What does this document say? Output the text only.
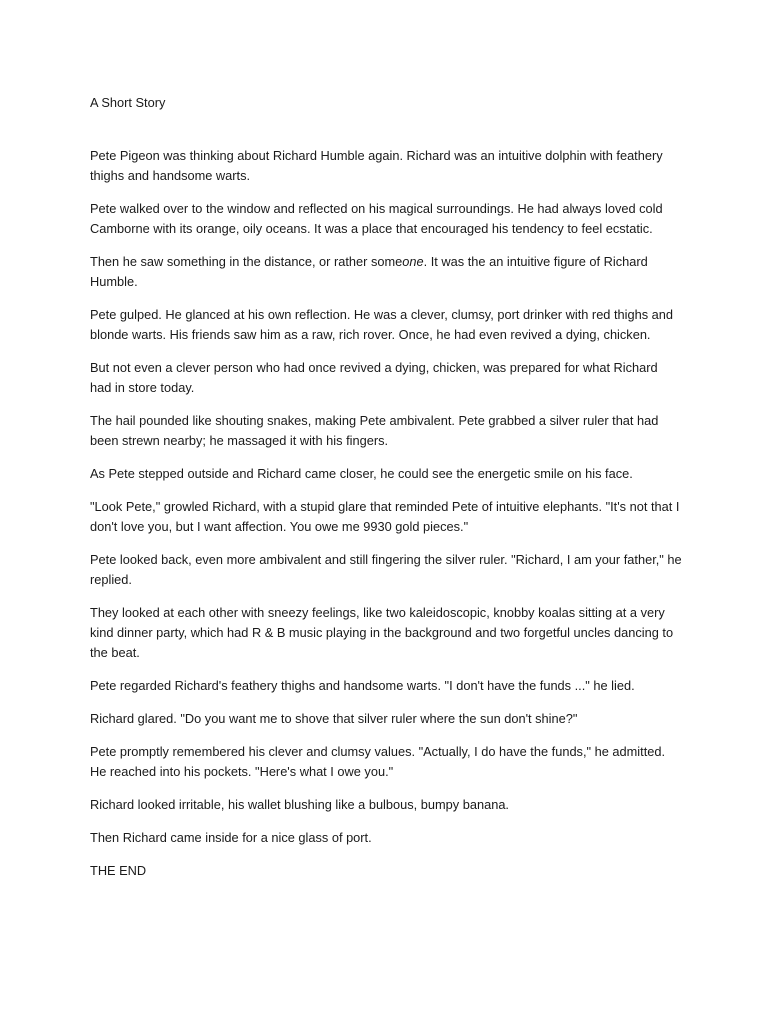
A Short Story

Pete Pigeon was thinking about Richard Humble again. Richard was an intuitive dolphin with feathery thighs and handsome warts.

Pete walked over to the window and reflected on his magical surroundings. He had always loved cold Camborne with its orange, oily oceans. It was a place that encouraged his tendency to feel ecstatic.

Then he saw something in the distance, or rather someone. It was the an intuitive figure of Richard Humble.

Pete gulped. He glanced at his own reflection. He was a clever, clumsy, port drinker with red thighs and blonde warts. His friends saw him as a raw, rich rover. Once, he had even revived a dying, chicken.

But not even a clever person who had once revived a dying, chicken, was prepared for what Richard had in store today.

The hail pounded like shouting snakes, making Pete ambivalent. Pete grabbed a silver ruler that had been strewn nearby; he massaged it with his fingers.

As Pete stepped outside and Richard came closer, he could see the energetic smile on his face.

"Look Pete," growled Richard, with a stupid glare that reminded Pete of intuitive elephants. "It's not that I don't love you, but I want affection. You owe me 9930 gold pieces."

Pete looked back, even more ambivalent and still fingering the silver ruler. "Richard, I am your father," he replied.

They looked at each other with sneezy feelings, like two kaleidoscopic, knobby koalas sitting at a very kind dinner party, which had R & B music playing in the background and two forgetful uncles dancing to the beat.

Pete regarded Richard's feathery thighs and handsome warts. "I don't have the funds ..." he lied.

Richard glared. "Do you want me to shove that silver ruler where the sun don't shine?"

Pete promptly remembered his clever and clumsy values. "Actually, I do have the funds," he admitted. He reached into his pockets. "Here's what I owe you."

Richard looked irritable, his wallet blushing like a bulbous, bumpy banana.

Then Richard came inside for a nice glass of port.

THE END
